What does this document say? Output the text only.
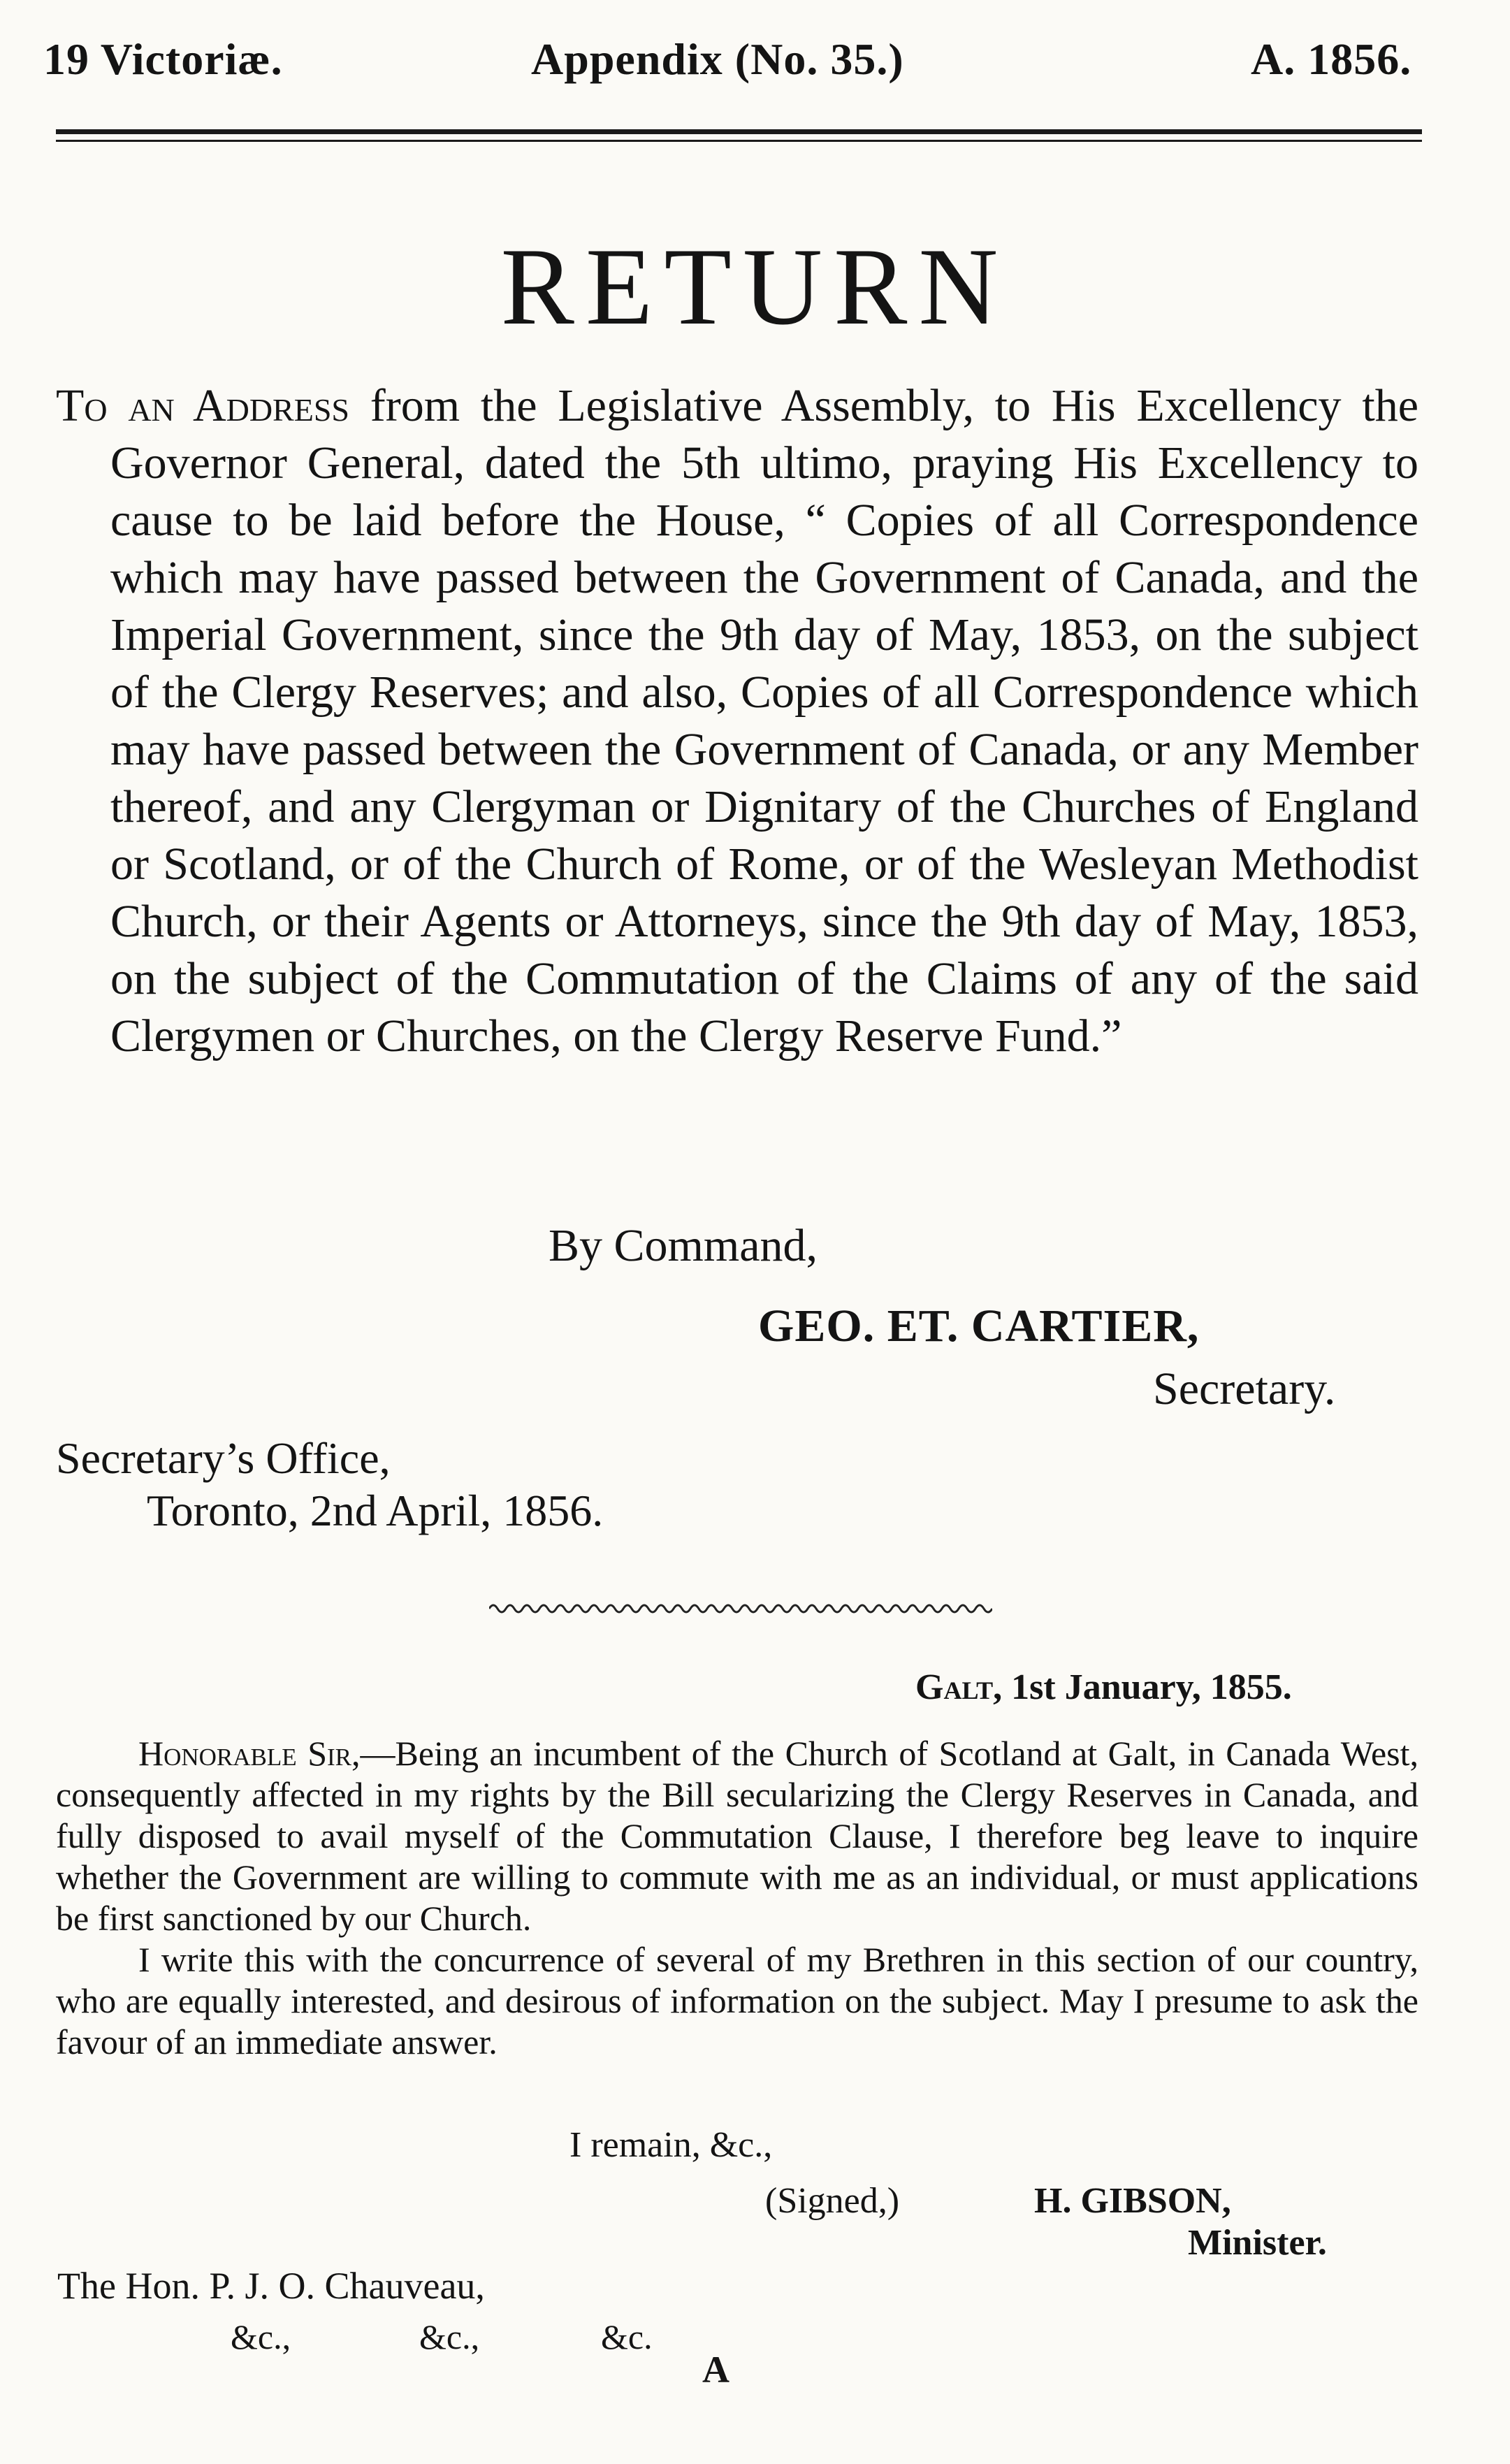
19 Victoriæ.	Appendix (No. 35.)	A. 1856.
RETURN

To an Address from the Legislative Assembly, to His Excellency the Governor General, dated the 5th ultimo, praying His Excellency to cause to be laid before the House, “ Copies of all Correspondence which may have passed between the Government of Canada, and the Imperial Government, since the 9th day of May, 1853, on the subject of the Clergy Reserves; and also, Copies of all Correspondence which may have passed between the Government of Canada, or any Member thereof, and any Clergyman or Dignitary of the Churches of England or Scotland, or of the Church of Rome, or of the Wesleyan Methodist Church, or their Agents or Attorneys, since the 9th day of May, 1853, on the subject of the Commutation of the Claims of any of the said Clergymen or Churches, on the Clergy Reserve Fund.”

By Command,
GEO. ET. CARTIER,
Secretary.
Secretary’s Office,
Toronto, 2nd April, 1856.
Galt, 1st January, 1855.

Honorable Sir,—Being an incumbent of the Church of Scotland at Galt, in Canada West, consequently affected in my rights by the Bill secularizing the Clergy Reserves in Canada, and fully disposed to avail myself of the Commutation Clause, I therefore beg leave to inquire whether the Government are willing to commute with me as an individual, or must applications be first sanctioned by our Church.

I write this with the concurrence of several of my Brethren in this section of our country, who are equally interested, and desirous of information on the subject. May I presume to ask the favour of an immediate answer.

I remain, &c.,
(Signed,)	H. GIBSON,
Minister.
The Hon. P. J. O. Chauveau,
&c.,	&c.,	&c.
A
